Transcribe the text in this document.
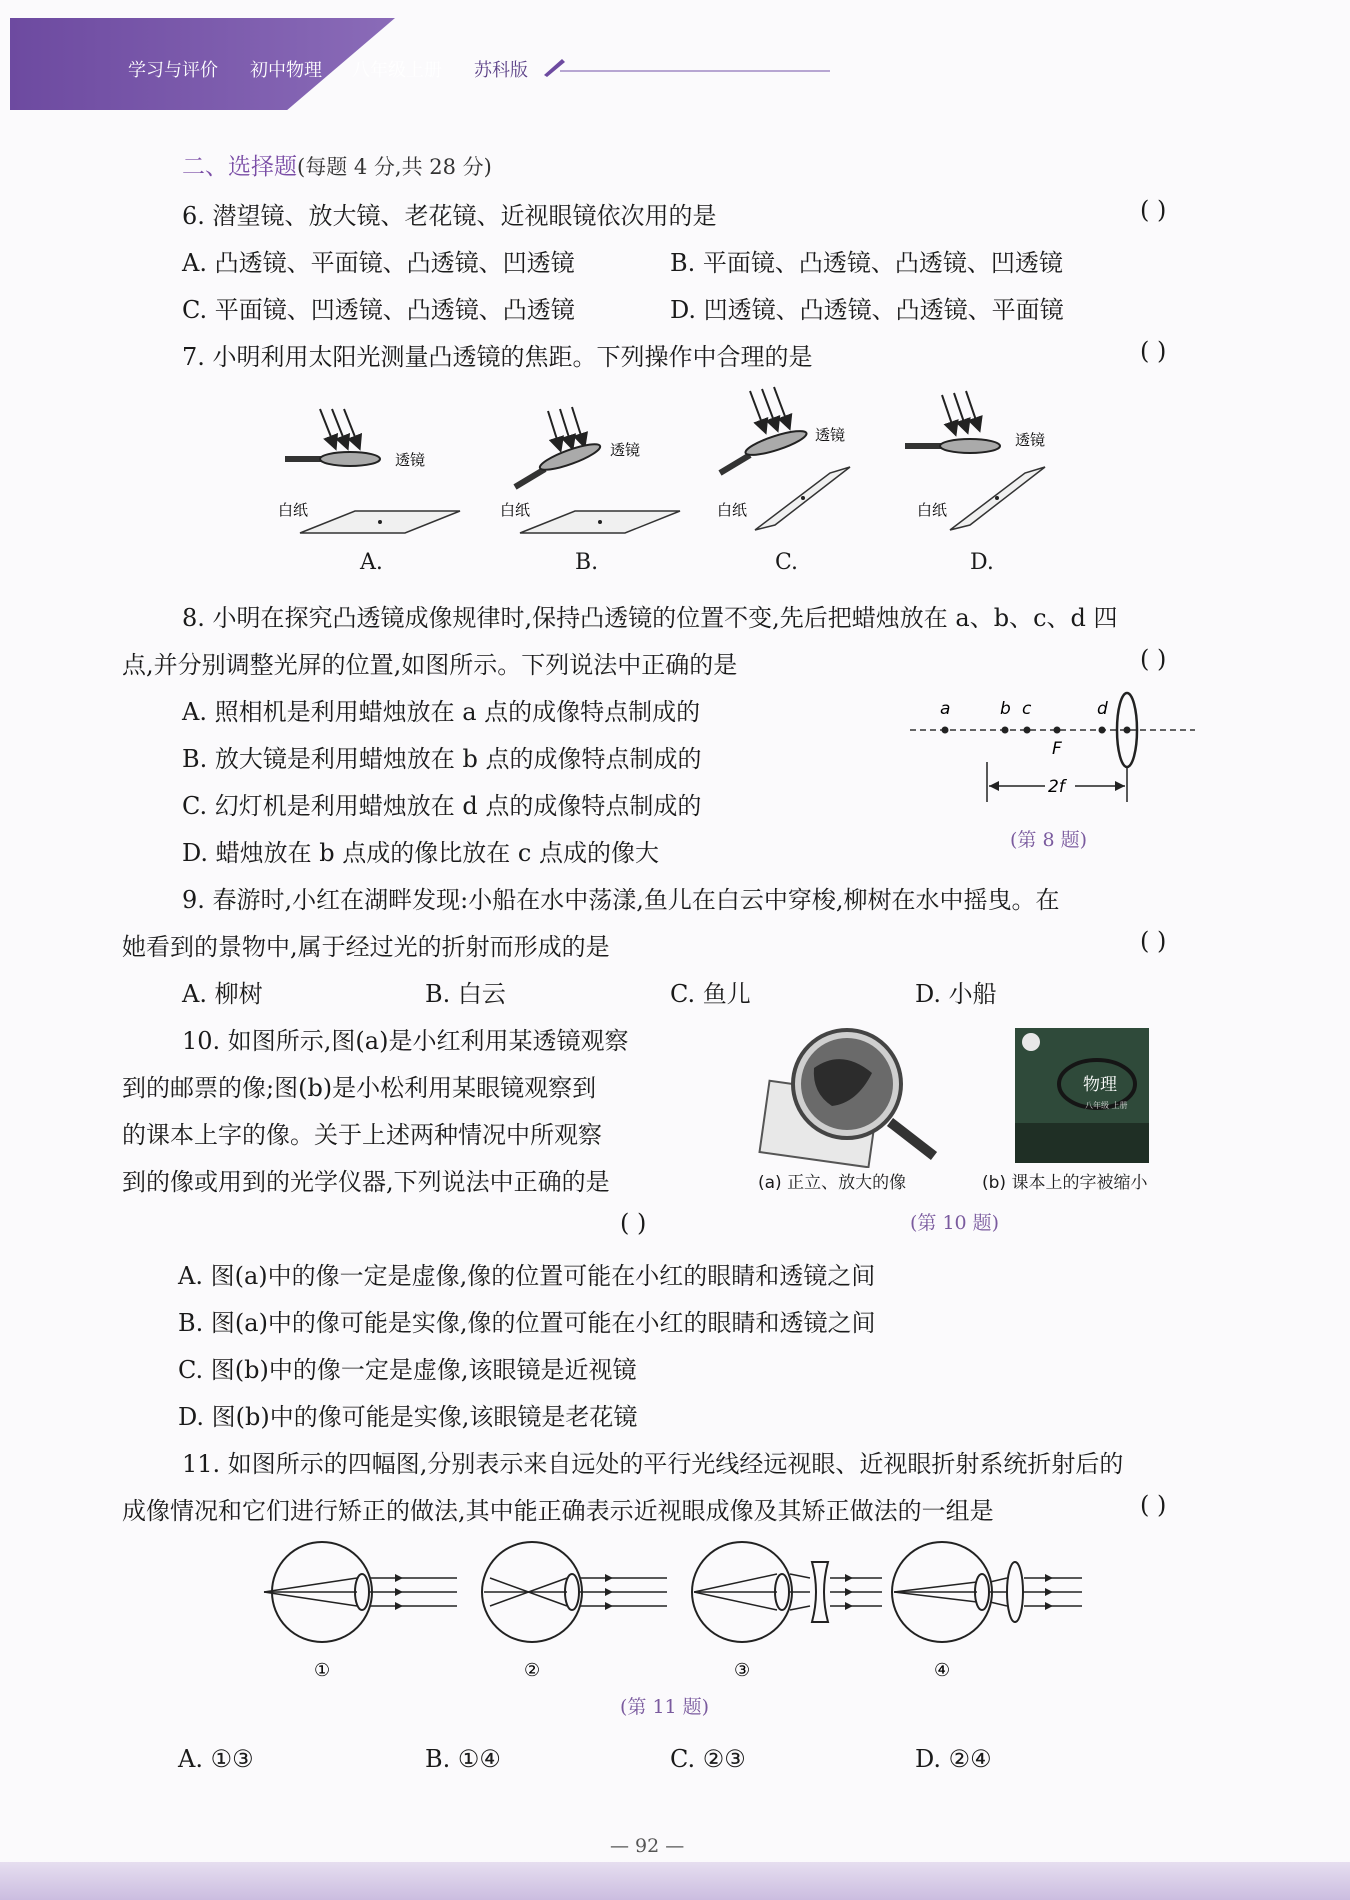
学习与评价 初中物理 八年级上册 苏科版
二、选择题(每题 4 分,共 28 分)
6. 潜望镜、放大镜、老花镜、近视眼镜依次用的是	( )
A. 凸透镜、平面镜、凸透镜、凹透镜	B. 平面镜、凸透镜、凸透镜、凹透镜
C. 平面镜、凹透镜、凸透镜、凸透镜	D. 凹透镜、凸透镜、凸透镜、平面镜
7. 小明利用太阳光测量凸透镜的焦距。下列操作中合理的是	( )
透镜
白纸
透镜
白纸
透镜
白纸
透镜
白纸
A.	B.	C.	D.
8. 小明在探究凸透镜成像规律时,保持凸透镜的位置不变,先后把蜡烛放在 a、b、c、d 四
点,并分别调整光屏的位置,如图所示。下列说法中正确的是	( )
A. 照相机是利用蜡烛放在 a 点的成像特点制成的
B. 放大镜是利用蜡烛放在 b 点的成像特点制成的
C. 幻灯机是利用蜡烛放在 d 点的成像特点制成的
D. 蜡烛放在 b 点成的像比放在 c 点成的像大
a	b c	d
F
2f
(第 8 题)
9. 春游时,小红在湖畔发现:小船在水中荡漾,鱼儿在白云中穿梭,柳树在水中摇曳。在
她看到的景物中,属于经过光的折射而形成的是	( )
A. 柳树	B. 白云	C. 鱼儿	D. 小船
10. 如图所示,图(a)是小红利用某透镜观察
到的邮票的像;图(b)是小松利用某眼镜观察到
的课本上字的像。关于上述两种情况中所观察
到的像或用到的光学仪器,下列说法中正确的是
( )
物理
八年级 上册
(a) 正立、放大的像	(b) 课本上的字被缩小
(第 10 题)
A. 图(a)中的像一定是虚像,像的位置可能在小红的眼睛和透镜之间
B. 图(a)中的像可能是实像,像的位置可能在小红的眼睛和透镜之间
C. 图(b)中的像一定是虚像,该眼镜是近视镜
D. 图(b)中的像可能是实像,该眼镜是老花镜
11. 如图所示的四幅图,分别表示来自远处的平行光线经远视眼、近视眼折射系统折射后的
成像情况和它们进行矫正的做法,其中能正确表示近视眼成像及其矫正做法的一组是	( )
①	②	③	④
(第 11 题)
A. ①③	B. ①④	C. ②③	D. ②④
— 92 —
